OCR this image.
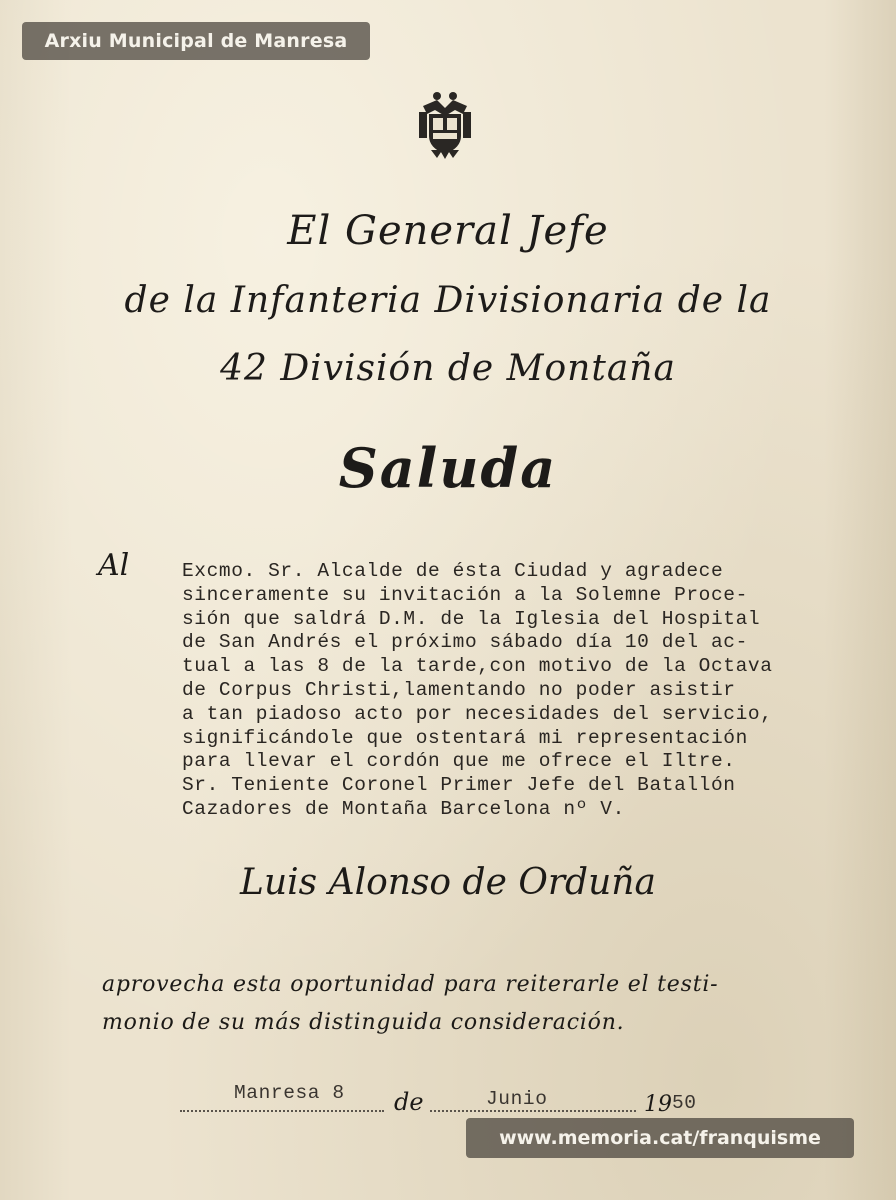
Arxiu Municipal de Manresa
El General Jefe
de la Infanteria Divisionaria de la
42 División de Montaña
Saluda
Al	Excmo. Sr. Alcalde de ésta Ciudad y agradece
sinceramente su invitación a la Solemne Proce-
sión que saldrá D.M. de la Iglesia del Hospital
de San Andrés el próximo sábado día 10 del ac-
tual a las 8 de la tarde,con motivo de la Octava
de Corpus Christi,lamentando no poder asistir
a tan piadoso acto por necesidades del servicio,
significándole que ostentará mi representación
para llevar el cordón que me ofrece el Iltre.
Sr. Teniente Coronel Primer Jefe del Batallón
Cazadores de Montaña Barcelona nº V.
Luis Alonso de Orduña
aprovecha esta oportunidad para reiterarle el testi-
monio de su más distinguida consideración.
Manresa 8 de	Junio	19 50
www.memoria.cat/franquisme
